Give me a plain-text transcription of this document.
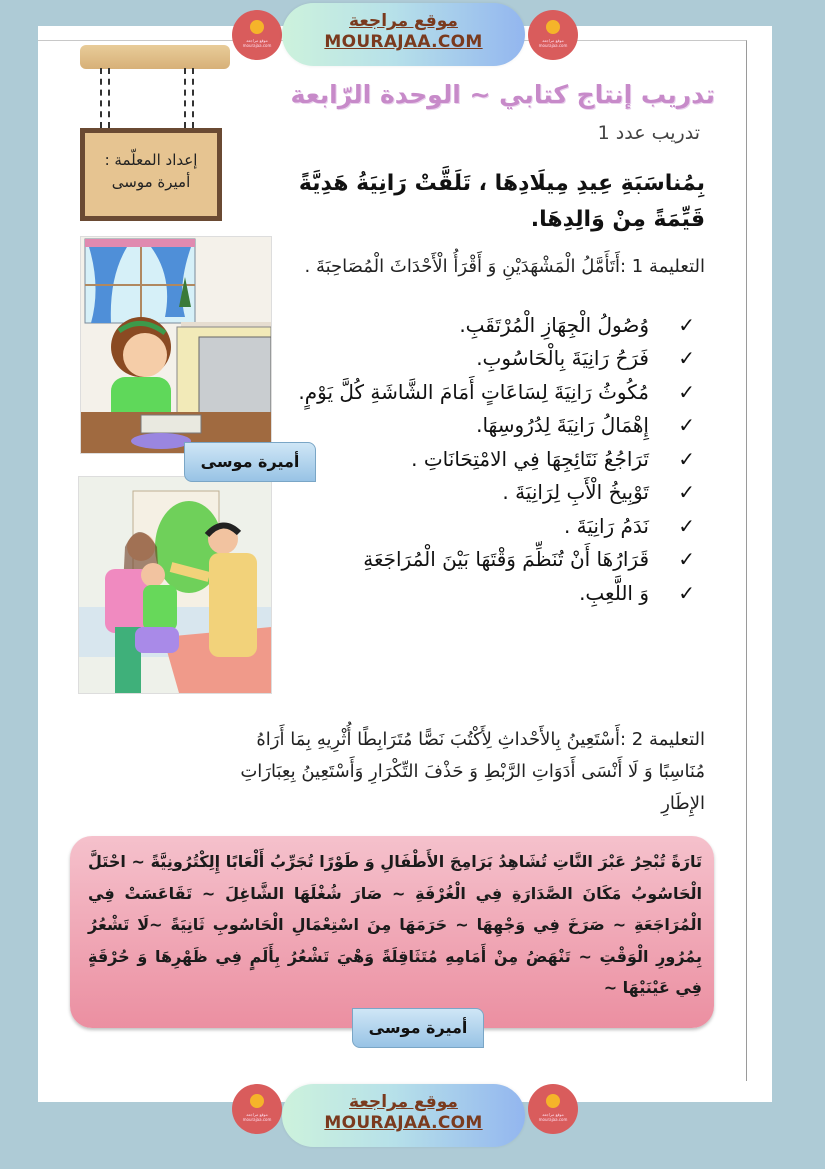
موقع مراجعة mourajaa.com
موقع مراجعة
MOURAJAA.COM	موقع مراجعة mourajaa.com
إعداد المعلّمة :
أميرة موسى
تدريب إنتاج كتابي ~ الوحدة الرّابعة
تدريب عدد 1
بِمُناسَبَةِ عِيدِ مِيلَادِهَا ، تَلَقَّتْ رَانِيَةُ هَدِيَّةً قَيِّمَةً مِنْ وَالِدِهَا.
التعليمة 1 :أَتَأَمَّلُ الْمَشْهَدَيْنِ وَ أَقْرَأُ الْأَحْدَاثَ الْمُصَاحِبَةَ .
أميرة موسى
✓
وُصُولُ الْجِهَازِ الْمُرْتَقَبِ.
✓
فَرَحُ رَانِيَةَ بِالْحَاسُوبِ.
✓
مُكُوثُ رَانِيَةَ لِسَاعَاتٍ أَمَامَ الشَّاشَةِ كُلَّ يَوْمٍ.
✓
إِهْمَالُ رَانِيَةَ لِدُرُوسِهَا.
✓
تَرَاجُعُ نَتَائِجِهَا فِي الامْتِحَانَاتِ .
✓
تَوْبِيخُ الْأَبِ لِرَانِيَةَ .
✓
نَدَمُ رَانِيَةَ .
✓
قَرَارُهَا أَنْ تُنَظِّمَ وَقْتَهَا بَيْنَ الْمُرَاجَعَةِ
✓
وَ اللَّعِبِ.
التعليمة 2 :أَسْتَعِينُ بِالأَحْداثِ لِأَكْتُبَ نَصًّا مُتَرَابِطًا أُثْرِيهِ بِمَا أَرَاهُ مُنَاسِبًا وَ لَا أَنْسَى أَدَوَاتِ الرَّبْطِ وَ حَذْفَ التِّكْرَارِ وَأَسْتَعِينُ بِعِبَارَاتِ الإِطَارِ
تَارَةً تُبْحِرُ عَبْرَ النَّاتِ تُشَاهِدُ بَرَامِجَ الأَطْفَالِ وَ طَوْرًا تُجَرِّبُ أَلْعَابًا إِلِكْتُرُونِيَّةً ~ احْتَلَّ الْحَاسُوبُ مَكَانَ الصَّدَارَةِ فِي الْغُرْفَةِ ~ صَارَ شُغْلَهَا الشَّاغِلَ ~ تَقَاعَسَتْ فِي الْمُرَاجَعَةِ ~ صَرَخَ فِي وَجْهِهَا ~ حَرَمَهَا مِنَ اسْتِعْمَالِ الْحَاسُوبِ ثَانِيَةً ~لَا تَشْعُرُ بِمُرُورِ الْوَقْتِ ~ تَنْهَضُ مِنْ أَمَامِهِ مُتَثَاقِلَةً وَهْيَ تَشْعُرُ بِأَلَمٍ فِي ظَهْرِهَا وَ حُرْقَةٍ فِي عَيْنَيْهَا ~
أميرة موسى
موقع مراجعة mourajaa.com
موقع مراجعة
MOURAJAA.COM	موقع مراجعة mourajaa.com
